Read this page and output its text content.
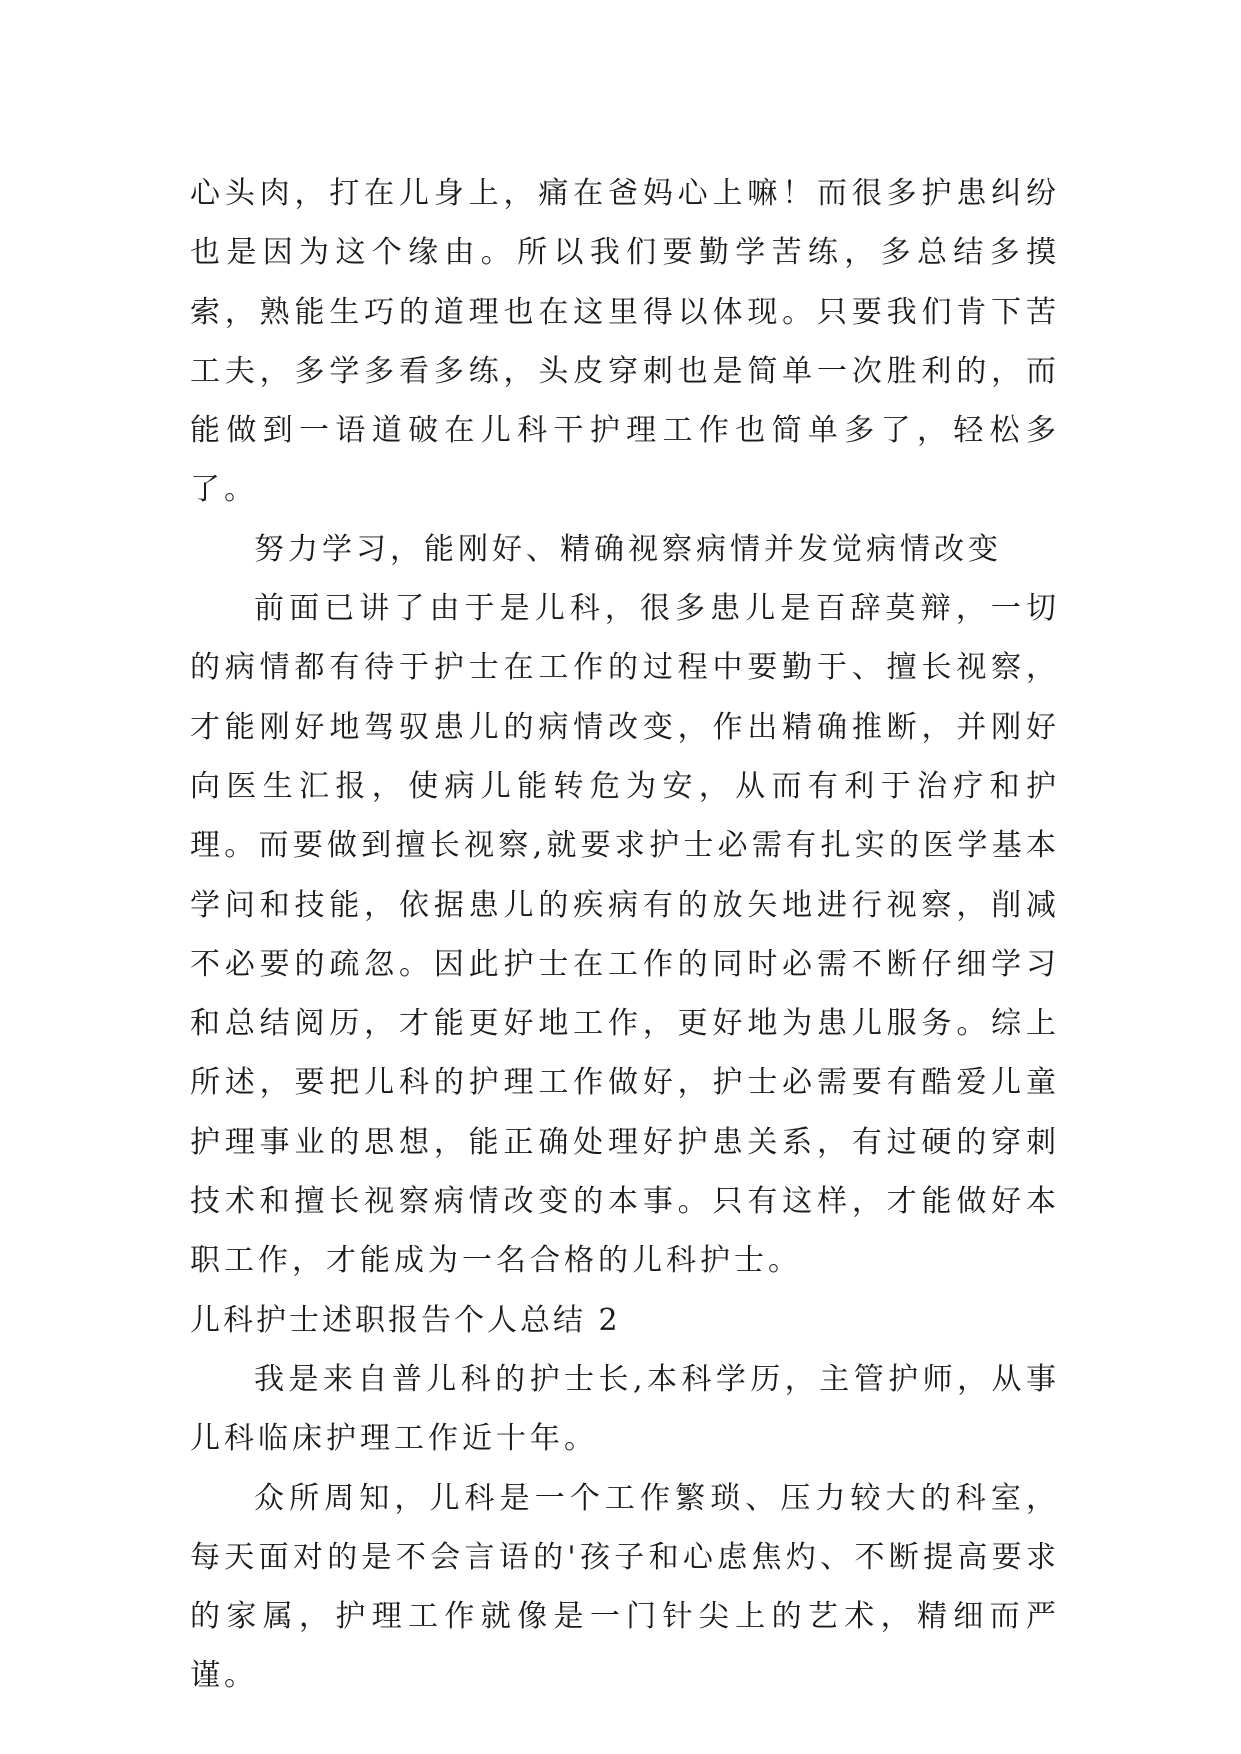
心头肉，打在儿身上，痛在爸妈心上嘛！而很多护患纠纷也是因为这个缘由。所以我们要勤学苦练，多总结多摸索，熟能生巧的道理也在这里得以体现。只要我们肯下苦工夫，多学多看多练，头皮穿刺也是简单一次胜利的，而能做到一语道破在儿科干护理工作也简单多了，轻松多了。

努力学习，能刚好、精确视察病情并发觉病情改变

前面已讲了由于是儿科，很多患儿是百辞莫辩，一切的病情都有待于护士在工作的过程中要勤于、擅长视察，才能刚好地驾驭患儿的病情改变，作出精确推断，并刚好向医生汇报，使病儿能转危为安，从而有利于治疗和护理。而要做到擅长视察,就要求护士必需有扎实的医学基本学问和技能，依据患儿的疾病有的放矢地进行视察，削减不必要的疏忽。因此护士在工作的同时必需不断仔细学习和总结阅历，才能更好地工作，更好地为患儿服务。综上所述，要把儿科的护理工作做好，护士必需要有酷爱儿童护理事业的思想，能正确处理好护患关系，有过硬的穿刺技术和擅长视察病情改变的本事。只有这样，才能做好本职工作，才能成为一名合格的儿科护士。

儿科护士述职报告个人总结 2

我是来自普儿科的护士长,本科学历，主管护师，从事儿科临床护理工作近十年。

众所周知，儿科是一个工作繁琐、压力较大的科室，每天面对的是不会言语的'孩子和心虑焦灼、不断提高要求的家属，护理工作就像是一门针尖上的艺术，精细而严谨。
